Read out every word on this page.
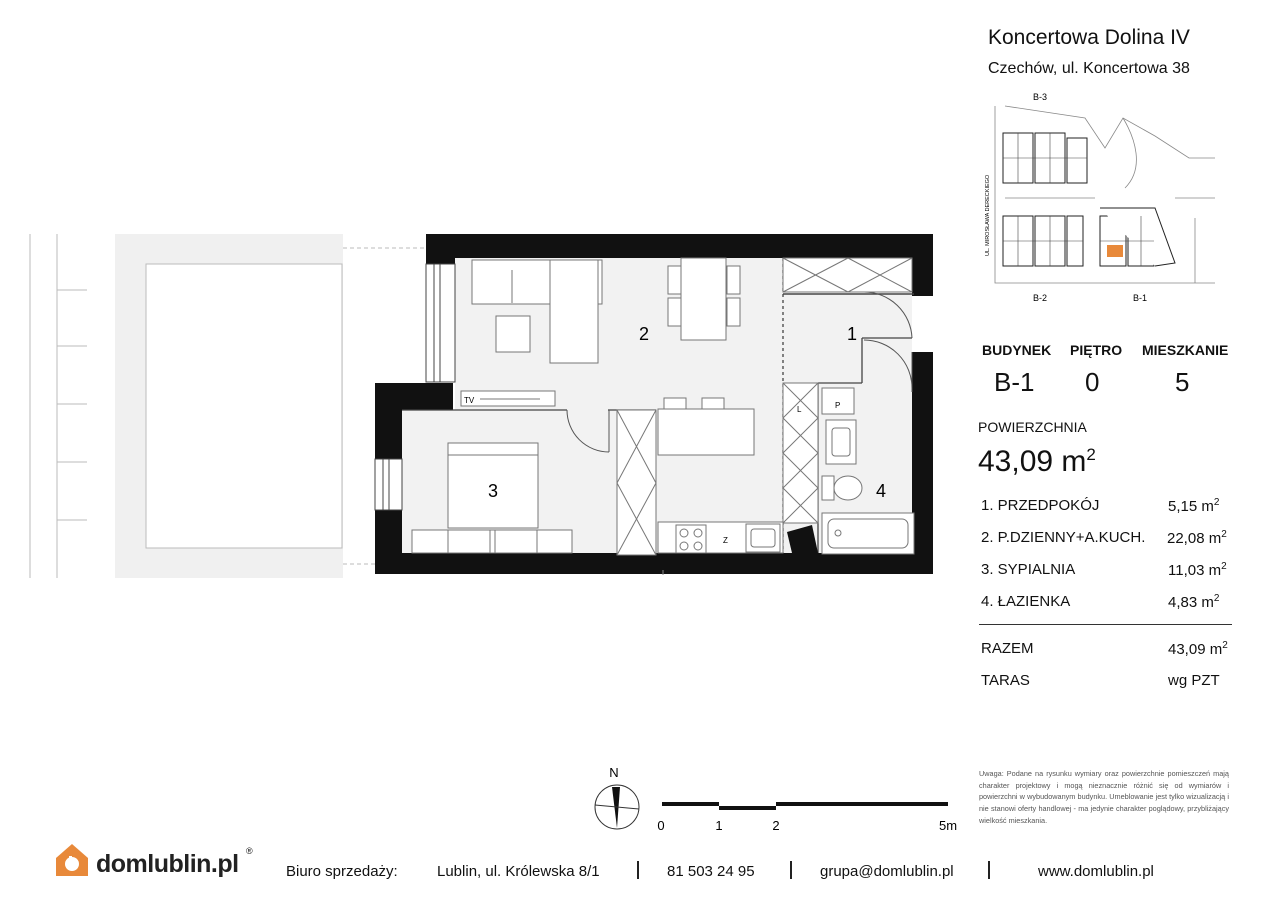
2	1
3	4
TV
L	P
Z
N
0	1	2	5m
Koncertowa Dolina IV
Czechów, ul. Koncertowa 38
B-3
B-2	B-1
UL. MIROSŁAWA DERECKIEGO
BUDYNEK PIĘTRO MIESZKANIE
B-1 0	5
POWIERZCHNIA
43,09 $m^2$
1. PRZEDPOKÓJ	5,15 $m^2$
2. P.DZIENNY+A.KUCH. 22,08 $m^2$
3. SYPIALNIA	11,03 $m^2$
4. ŁAZIENKA	4,83 $m^2$
RAZEM	43,09 $m^2$
TARAS	wg PZT
Uwaga: Podane na rysunku wymiary oraz powierzchnie pomieszczeń mają charakter projektowy i mogą nieznacznie różnić się od wymiarów i powierzchni w wybudowanym budynku. Umeblowanie jest tylko wizualizacją i nie stanowi oferty handlowej - ma jedynie charakter poglądowy, przybliżający wielkość mieszkania.
domlublin.pl ®
Biuro sprzedaży:	Lublin, ul. Królewska 8/1	81 503 24 95	grupa@domlublin.pl	www.domlublin.pl
